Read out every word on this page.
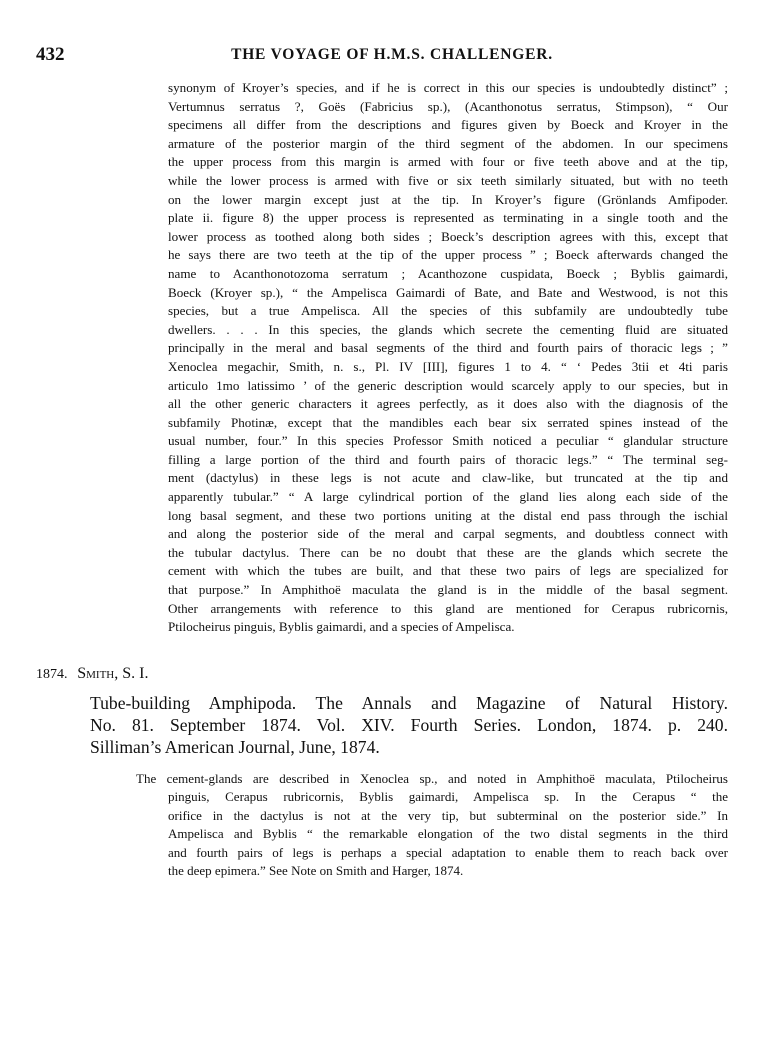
432	THE VOYAGE OF H.M.S. CHALLENGER.
synonym of Kroyer’s species, and if he is correct in this our species is undoubtedly distinct” ;
Vertumnus serratus ?, Goës (Fabricius sp.), (Acanthonotus serratus, Stimpson), “ Our
specimens all differ from the descriptions and figures given by Boeck and Kroyer in the
armature of the posterior margin of the third segment of the abdomen. In our specimens
the upper process from this margin is armed with four or five teeth above and at the tip,
while the lower process is armed with five or six teeth similarly situated, but with no teeth
on the lower margin except just at the tip. In Kroyer’s figure (Grönlands Amfipoder.
plate ii. figure 8) the upper process is represented as terminating in a single tooth and the
lower process as toothed along both sides ; Boeck’s description agrees with this, except that
he says there are two teeth at the tip of the upper process ” ; Boeck afterwards changed the
name to Acanthonotozoma serratum ; Acanthozone cuspidata, Boeck ; Byblis gaimardi,
Boeck (Kroyer sp.), “ the Ampelisca Gaimardi of Bate, and Bate and Westwood, is not this
species, but a true Ampelisca. All the species of this subfamily are undoubtedly tube
dwellers. . . . In this species, the glands which secrete the cementing fluid are situated
principally in the meral and basal segments of the third and fourth pairs of thoracic legs ; ”
Xenoclea megachir, Smith, n. s., Pl. IV [III], figures 1 to 4. “ ‘ Pedes 3tii et 4ti paris
articulo 1mo latissimo ’ of the generic description would scarcely apply to our species, but in
all the other generic characters it agrees perfectly, as it does also with the diagnosis of the
subfamily Photinæ, except that the mandibles each bear six serrated spines instead of the
usual number, four.” In this species Professor Smith noticed a peculiar “ glandular structure
filling a large portion of the third and fourth pairs of thoracic legs.” “ The terminal seg-
ment (dactylus) in these legs is not acute and claw-like, but truncated at the tip and
apparently tubular.” “ A large cylindrical portion of the gland lies along each side of the
long basal segment, and these two portions uniting at the distal end pass through the ischial
and along the posterior side of the meral and carpal segments, and doubtless connect with
the tubular dactylus. There can be no doubt that these are the glands which secrete the
cement with which the tubes are built, and that these two pairs of legs are specialized for
that purpose.” In Amphithoë maculata the gland is in the middle of the basal segment.
Other arrangements with reference to this gland are mentioned for Cerapus rubricornis,
Ptilocheirus pinguis, Byblis gaimardi, and a species of Ampelisca.
1874. Smith, S. I.
Tube-building Amphipoda. The Annals and Magazine of Natural History.
No. 81. September 1874. Vol. XIV. Fourth Series. London, 1874. p. 240.
Silliman’s American Journal, June, 1874.
The cement-glands are described in Xenoclea sp., and noted in Amphithoë maculata, Ptilocheirus
pinguis, Cerapus rubricornis, Byblis gaimardi, Ampelisca sp. In the Cerapus “ the
orifice in the dactylus is not at the very tip, but subterminal on the posterior side.” In
Ampelisca and Byblis “ the remarkable elongation of the two distal segments in the third
and fourth pairs of legs is perhaps a special adaptation to enable them to reach back over
the deep epimera.” See Note on Smith and Harger, 1874.
